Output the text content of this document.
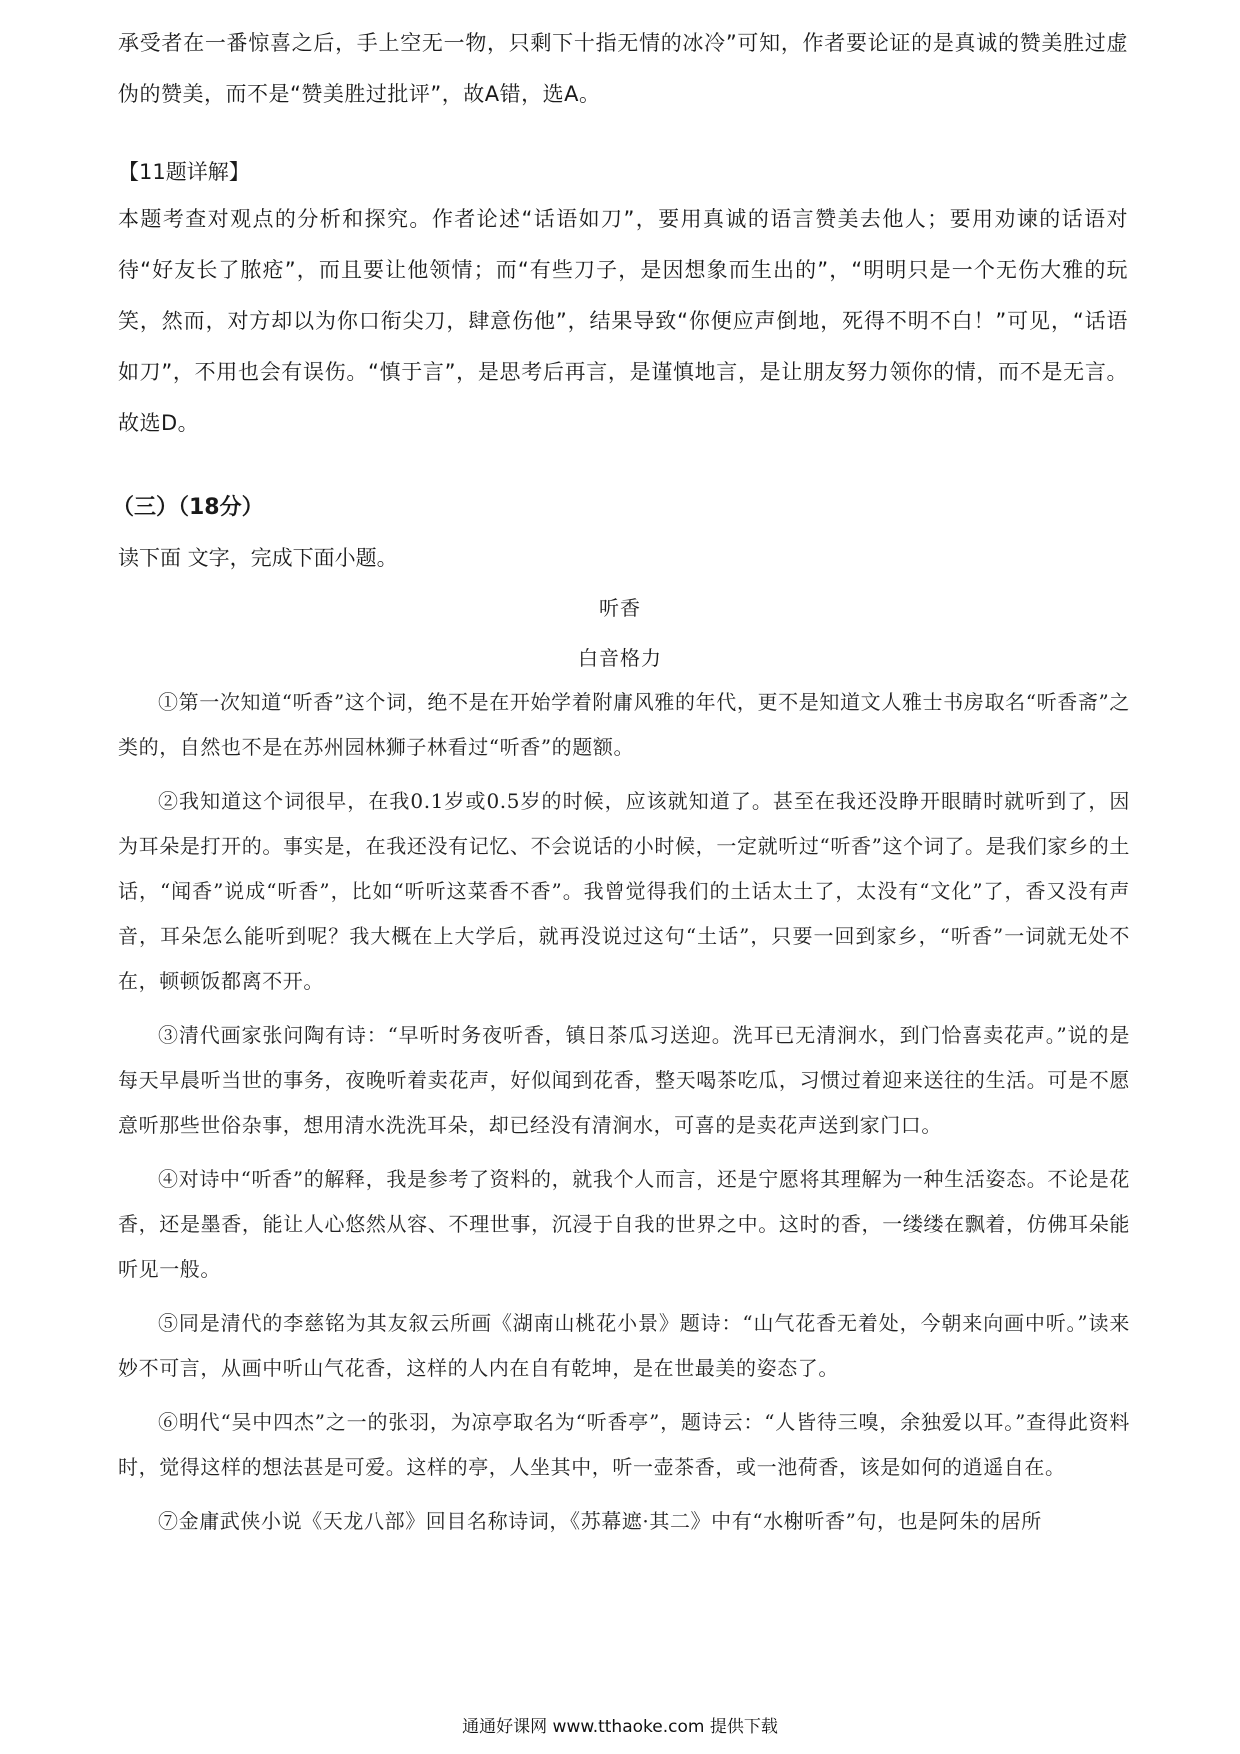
承受者在一番惊喜之后，手上空无一物，只剩下十指无情的冰冷”可知，作者要论证的是真诚的赞美胜过虚伪的赞美，而不是“赞美胜过批评”，故A错，选A。
【11题详解】
本题考查对观点的分析和探究。作者论述“话语如刀”，要用真诚的语言赞美去他人；要用劝谏的话语对待“好友长了脓疮”，而且要让他领情；而“有些刀子，是因想象而生出的”，“明明只是一个无伤大雅的玩笑，然而，对方却以为你口衔尖刀，肆意伤他”，结果导致“你便应声倒地，死得不明不白！”可见，“话语如刀”，不用也会有误伤。“慎于言”，是思考后再言，是谨慎地言，是让朋友努力领你的情，而不是无言。故选D。
（三）（18分）
读下面 文字，完成下面小题。
听香
白音格力

①第一次知道“听香”这个词，绝不是在开始学着附庸风雅的年代，更不是知道文人雅士书房取名“听香斋”之类的，自然也不是在苏州园林狮子林看过“听香”的题额。

②我知道这个词很早，在我0.1岁或0.5岁的时候，应该就知道了。甚至在我还没睁开眼睛时就听到了，因为耳朵是打开的。事实是，在我还没有记忆、不会说话的小时候，一定就听过“听香”这个词了。是我们家乡的土话，“闻香”说成“听香”，比如“听听这菜香不香”。我曾觉得我们的土话太土了，太没有“文化”了，香又没有声音，耳朵怎么能听到呢？我大概在上大学后，就再没说过这句“土话”，只要一回到家乡，“听香”一词就无处不在，顿顿饭都离不开。

③清代画家张问陶有诗：“早听时务夜听香，镇日茶瓜习送迎。洗耳已无清涧水，到门恰喜卖花声。”说的是每天早晨听当世的事务，夜晚听着卖花声，好似闻到花香，整天喝茶吃瓜，习惯过着迎来送往的生活。可是不愿意听那些世俗杂事，想用清水洗洗耳朵，却已经没有清涧水，可喜的是卖花声送到家门口。

④对诗中“听香”的解释，我是参考了资料的，就我个人而言，还是宁愿将其理解为一种生活姿态。不论是花香，还是墨香，能让人心悠然从容、不理世事，沉浸于自我的世界之中。这时的香，一缕缕在飘着，仿佛耳朵能听见一般。

⑤同是清代的李慈铭为其友叙云所画《湖南山桃花小景》题诗：“山气花香无着处，今朝来向画中听。”读来妙不可言，从画中听山气花香，这样的人内在自有乾坤，是在世最美的姿态了。

⑥明代“吴中四杰”之一的张羽，为凉亭取名为“听香亭”，题诗云：“人皆待三嗅，余独爱以耳。”查得此资料时，觉得这样的想法甚是可爱。这样的亭，人坐其中，听一壶茶香，或一池荷香，该是如何的逍遥自在。

⑦金庸武侠小说《天龙八部》回目名称诗词，《苏幕遮·其二》中有“水榭听香”句，也是阿朱的居所

通通好课网 www.tthaoke.com 提供下载
